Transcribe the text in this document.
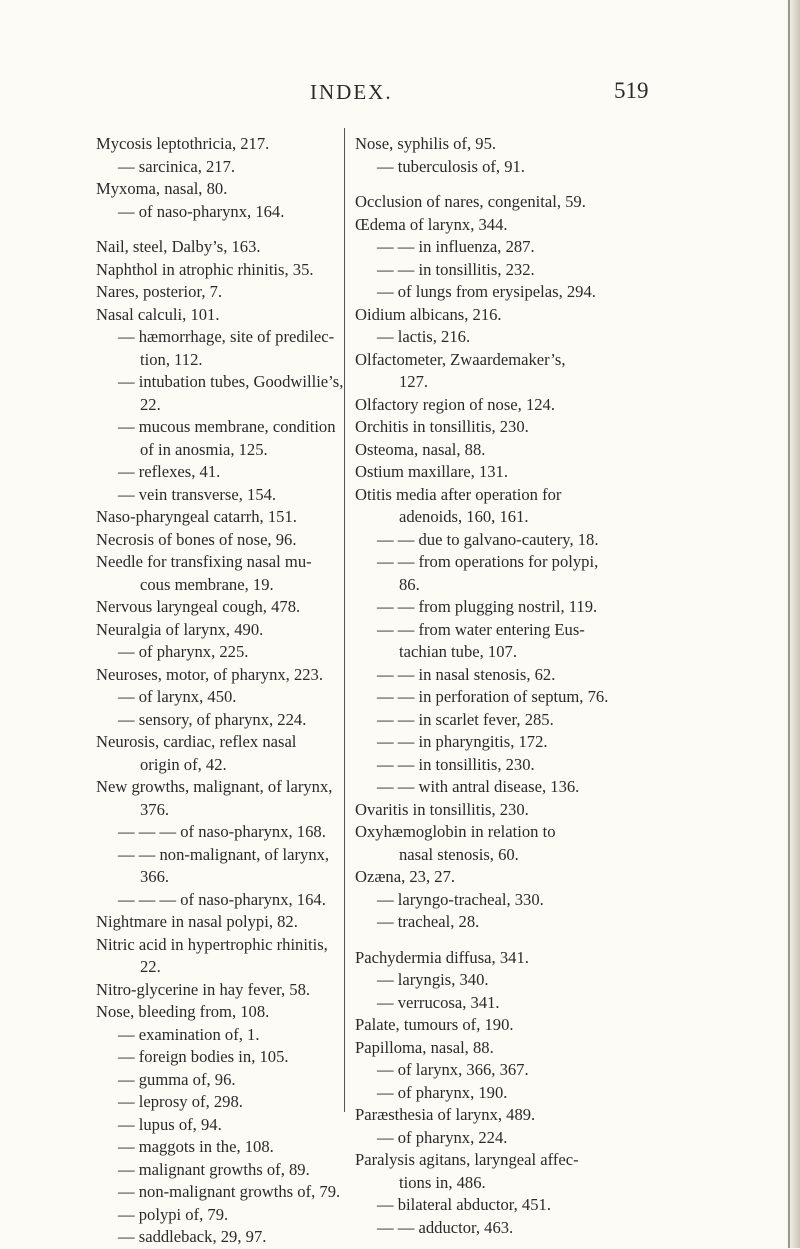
INDEX.	519
Mycosis leptothricia, 217.
— sarcinica, 217.
Myxoma, nasal, 80.
— of naso-pharynx, 164.
Nail, steel, Dalby’s, 163.
Naphthol in atrophic rhinitis, 35.
Nares, posterior, 7.
Nasal calculi, 101.
— hæmorrhage, site of predilec-
tion, 112.
— intubation tubes, Goodwillie’s,
22.
— mucous membrane, condition
of in anosmia, 125.
— reflexes, 41.
— vein transverse, 154.
Naso-pharyngeal catarrh, 151.
Necrosis of bones of nose, 96.
Needle for transfixing nasal mu-
cous membrane, 19.
Nervous laryngeal cough, 478.
Neuralgia of larynx, 490.
— of pharynx, 225.
Neuroses, motor, of pharynx, 223.
— of larynx, 450.
— sensory, of pharynx, 224.
Neurosis, cardiac, reflex nasal
origin of, 42.
New growths, malignant, of larynx,
376.
— — — of naso-pharynx, 168.
— — non-malignant, of larynx,
366.
— — — of naso-pharynx, 164.
Nightmare in nasal polypi, 82.
Nitric acid in hypertrophic rhinitis,
22.
Nitro-glycerine in hay fever, 58.
Nose, bleeding from, 108.
— examination of, 1.
— foreign bodies in, 105.
— gumma of, 96.
— leprosy of, 298.
— lupus of, 94.
— maggots in the, 108.
— malignant growths of, 89.
— non-malignant growths of, 79.
— polypi of, 79.
— saddleback, 29, 97.
Nose, syphilis of, 95.
— tuberculosis of, 91.
Occlusion of nares, congenital, 59.
Œdema of larynx, 344.
— — in influenza, 287.
— — in tonsillitis, 232.
— of lungs from erysipelas, 294.
Oidium albicans, 216.
— lactis, 216.
Olfactometer, Zwaardemaker’s,
127.
Olfactory region of nose, 124.
Orchitis in tonsillitis, 230.
Osteoma, nasal, 88.
Ostium maxillare, 131.
Otitis media after operation for
adenoids, 160, 161.
— — due to galvano-cautery, 18.
— — from operations for polypi,
86.
— — from plugging nostril, 119.
— — from water entering Eus-
tachian tube, 107.
— — in nasal stenosis, 62.
— — in perforation of septum, 76.
— — in scarlet fever, 285.
— — in pharyngitis, 172.
— — in tonsillitis, 230.
— — with antral disease, 136.
Ovaritis in tonsillitis, 230.
Oxyhæmoglobin in relation to
nasal stenosis, 60.
Ozæna, 23, 27.
— laryngo-tracheal, 330.
— tracheal, 28.
Pachydermia diffusa, 341.
— laryngis, 340.
— verrucosa, 341.
Palate, tumours of, 190.
Papilloma, nasal, 88.
— of larynx, 366, 367.
— of pharynx, 190.
Paræsthesia of larynx, 489.
— of pharynx, 224.
Paralysis agitans, laryngeal affec-
tions in, 486.
— bilateral abductor, 451.
— — adductor, 463.
